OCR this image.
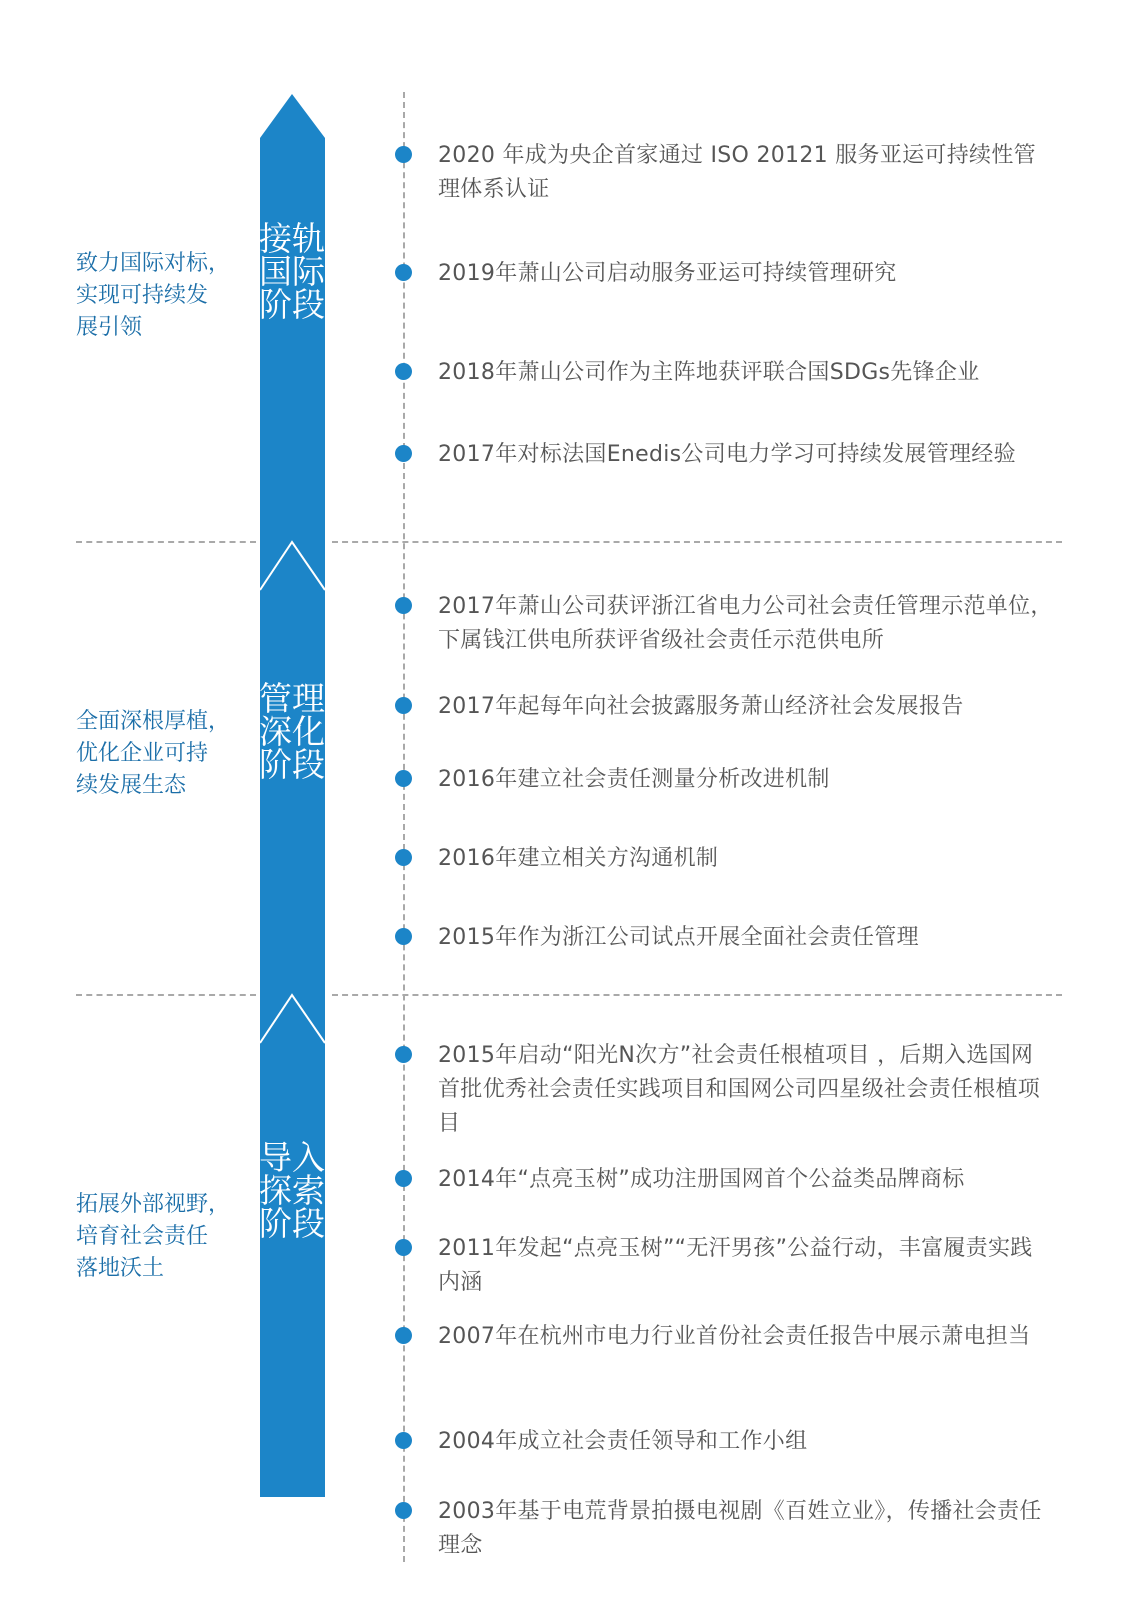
接轨国际阶段
管理深化阶段
导入探索阶段
致力国际对标，
实现可持续发
展引领
全面深根厚植，
优化企业可持
续发展生态
拓展外部视野，
培育社会责任
落地沃土
2020 年成为央企首家通过 ISO 20121 服务亚运可持续性管理体系认证
2019年萧山公司启动服务亚运可持续管理研究
2018年萧山公司作为主阵地获评联合国SDGs先锋企业
2017年对标法国Enedis公司电力学习可持续发展管理经验
2017年萧山公司获评浙江省电力公司社会责任管理示范单位，下属钱江供电所获评省级社会责任示范供电所
2017年起每年向社会披露服务萧山经济社会发展报告
2016年建立社会责任测量分析改进机制
2016年建立相关方沟通机制
2015年作为浙江公司试点开展全面社会责任管理
2015年启动“阳光N次方”社会责任根植项目 ，后期入选国网首批优秀社会责任实践项目和国网公司四星级社会责任根植项目
2014年“点亮玉树”成功注册国网首个公益类品牌商标
2011年发起“点亮玉树”“无汗男孩”公益行动，丰富履责实践内涵
2007年在杭州市电力行业首份社会责任报告中展示萧电担当
2004年成立社会责任领导和工作小组
2003年基于电荒背景拍摄电视剧《百姓立业》，传播社会责任理念
